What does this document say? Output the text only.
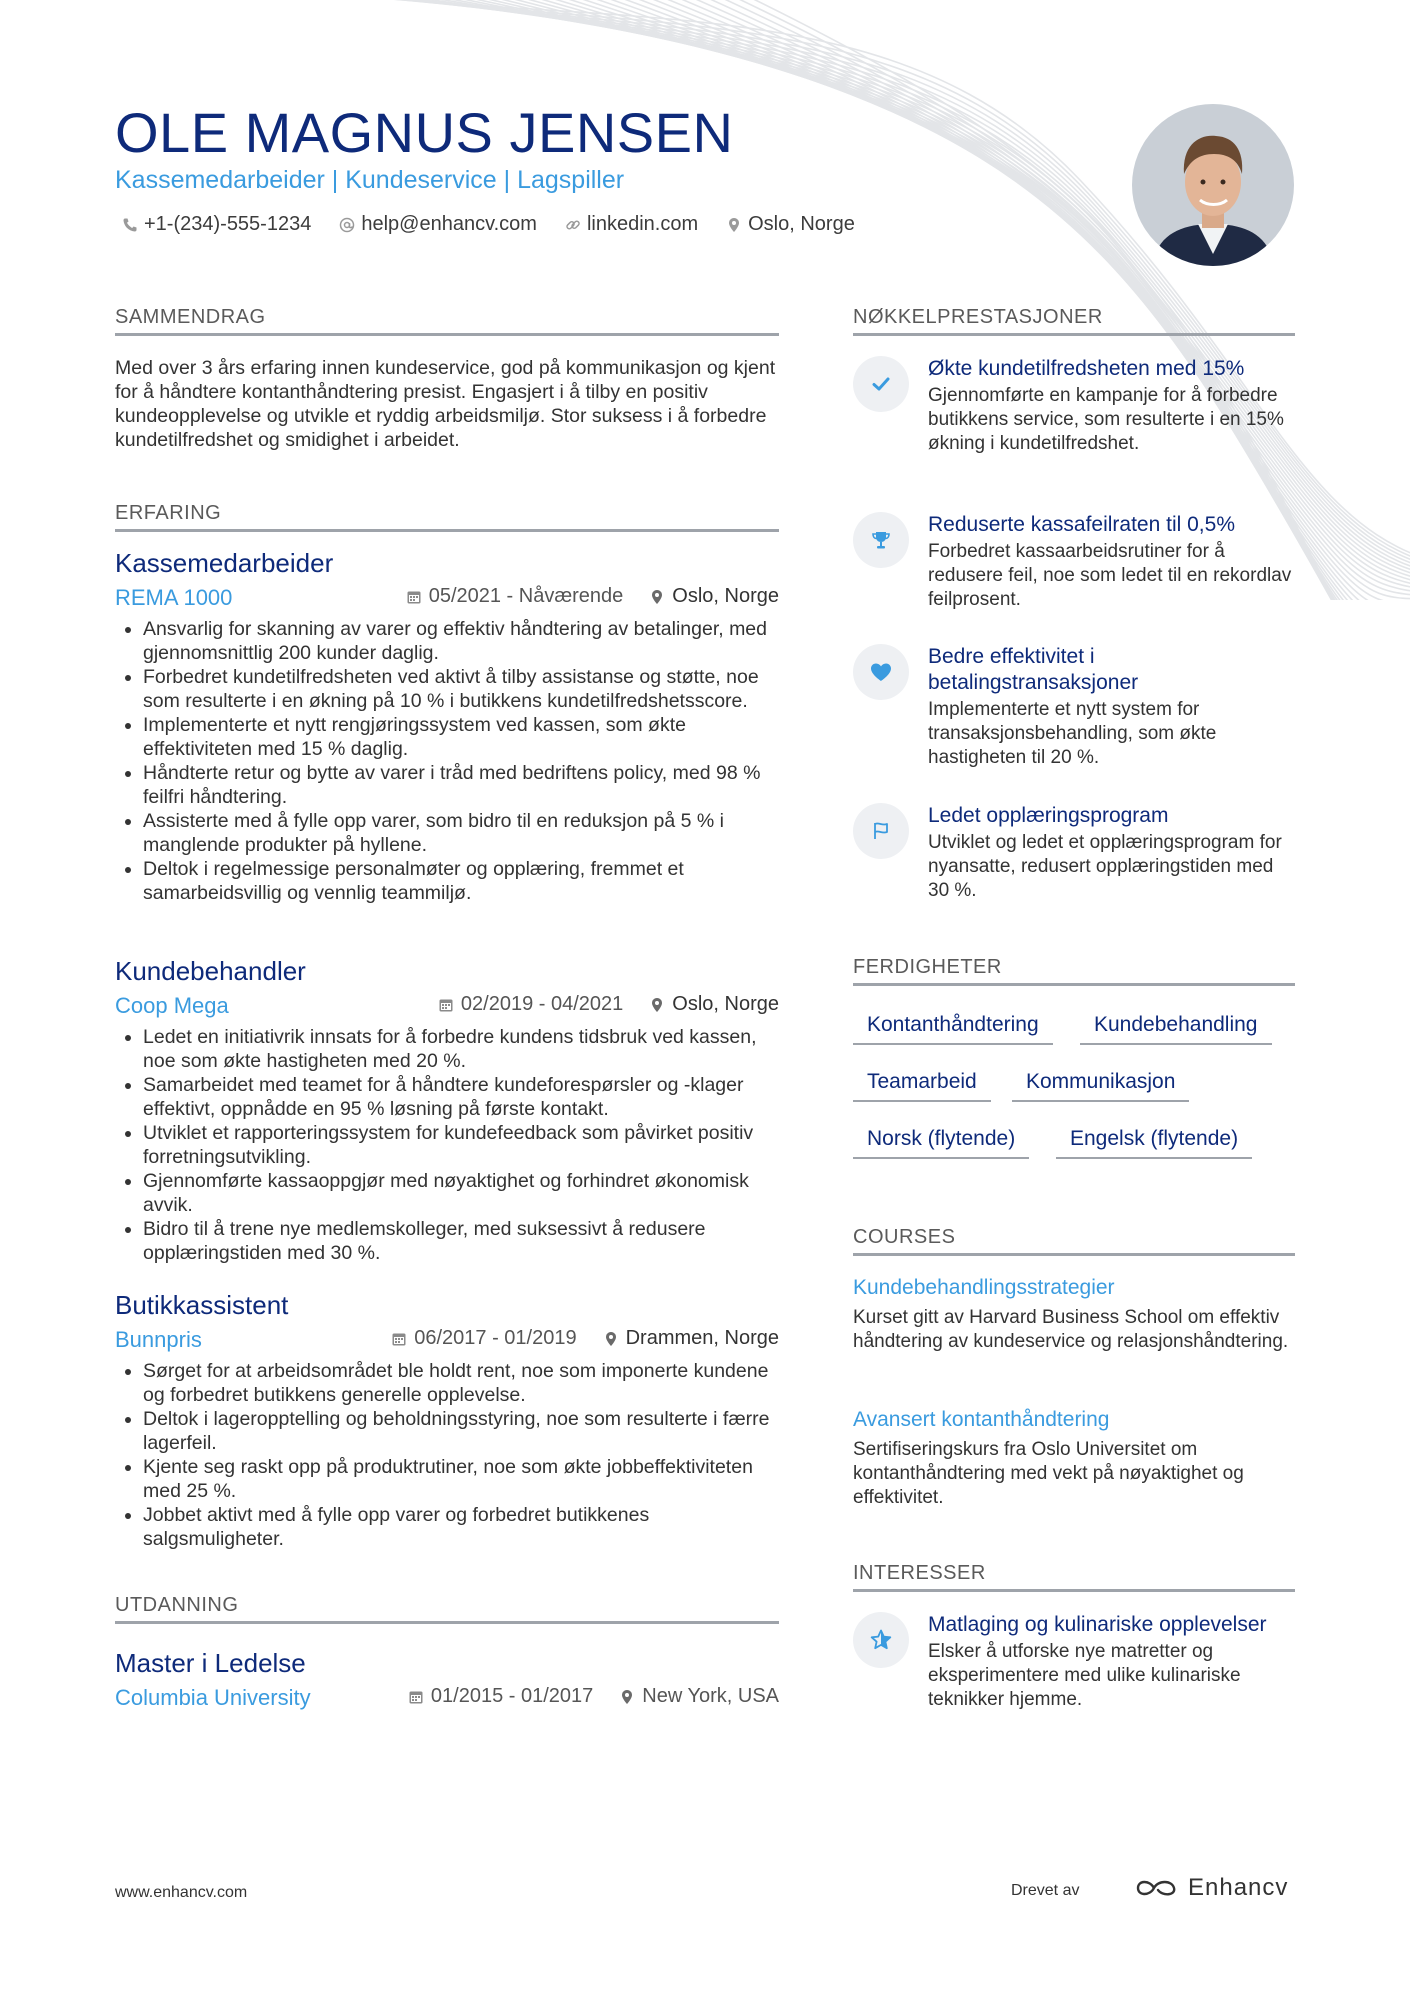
OLE MAGNUS JENSEN
Kassemedarbeider | Kundeservice | Lagspiller
+1-(234)-555-1234	help@enhancv.com	linkedin.com	Oslo, Norge
SAMMENDRAG
Med over 3 års erfaring innen kundeservice, god på kommunikasjon og kjent for å håndtere kontanthåndtering presist. Engasjert i å tilby en positiv kundeopplevelse og utvikle et ryddig arbeidsmiljø. Stor suksess i å forbedre kundetilfredshet og smidighet i arbeidet.
ERFARING
Kassemedarbeider
REMA 1000	05/2021 - Nåværende Oslo, Norge
• Ansvarlig for skanning av varer og effektiv håndtering av betalinger, med gjennomsnittlig 200 kunder daglig.
• Forbedret kundetilfredsheten ved aktivt å tilby assistanse og støtte, noe som resulterte i en økning på 10 % i butikkens kundetilfredshetsscore.
• Implementerte et nytt rengjøringssystem ved kassen, som økte effektiviteten med 15 % daglig.
• Håndterte retur og bytte av varer i tråd med bedriftens policy, med 98 % feilfri håndtering.
• Assisterte med å fylle opp varer, som bidro til en reduksjon på 5 % i manglende produkter på hyllene.
• Deltok i regelmessige personalmøter og opplæring, fremmet et samarbeidsvillig og vennlig teammiljø.
Kundebehandler
Coop Mega	02/2019 - 04/2021 Oslo, Norge
• Ledet en initiativrik innsats for å forbedre kundens tidsbruk ved kassen, noe som økte hastigheten med 20 %.
• Samarbeidet med teamet for å håndtere kundeforespørsler og -klager effektivt, oppnådde en 95 % løsning på første kontakt.
• Utviklet et rapporteringssystem for kundefeedback som påvirket positiv forretningsutvikling.
• Gjennomførte kassaoppgjør med nøyaktighet og forhindret økonomisk avvik.
• Bidro til å trene nye medlemskolleger, med suksessivt å redusere opplæringstiden med 30 %.
Butikkassistent
Bunnpris	06/2017 - 01/2019 Drammen, Norge
• Sørget for at arbeidsområdet ble holdt rent, noe som imponerte kundene og forbedret butikkens generelle opplevelse.
• Deltok i lageropptelling og beholdningsstyring, noe som resulterte i færre lagerfeil.
• Kjente seg raskt opp på produktrutiner, noe som økte jobbeffektiviteten med 25 %.
• Jobbet aktivt med å fylle opp varer og forbedret butikkenes salgsmuligheter.
UTDANNING
Master i Ledelse
Columbia University	01/2015 - 01/2017 New York, USA
NØKKELPRESTASJONER
Økte kundetilfredsheten med 15%
Gjennomførte en kampanje for å forbedre butikkens service, som resulterte i en 15% økning i kundetilfredshet.
Reduserte kassafeilraten til 0,5%
Forbedret kassaarbeidsrutiner for å redusere feil, noe som ledet til en rekordlav feilprosent.
Bedre effektivitet i betalingstransaksjoner
Implementerte et nytt system for transaksjonsbehandling, som økte hastigheten til 20 %.
Ledet opplæringsprogram
Utviklet og ledet et opplæringsprogram for nyansatte, redusert opplæringstiden med 30 %.
FERDIGHETER
Kontanthåndtering	Kundebehandling
Teamarbeid	Kommunikasjon
Norsk (flytende)	Engelsk (flytende)
COURSES
Kundebehandlingsstrategier
Kurset gitt av Harvard Business School om effektiv håndtering av kundeservice og relasjonshåndtering.
Avansert kontanthåndtering
Sertifiseringskurs fra Oslo Universitet om kontanthåndtering med vekt på nøyaktighet og effektivitet.
INTERESSER
Matlaging og kulinariske opplevelser
Elsker å utforske nye matretter og eksperimentere med ulike kulinariske teknikker hjemme.
www.enhancv.com	Drevet av	Enhancv
